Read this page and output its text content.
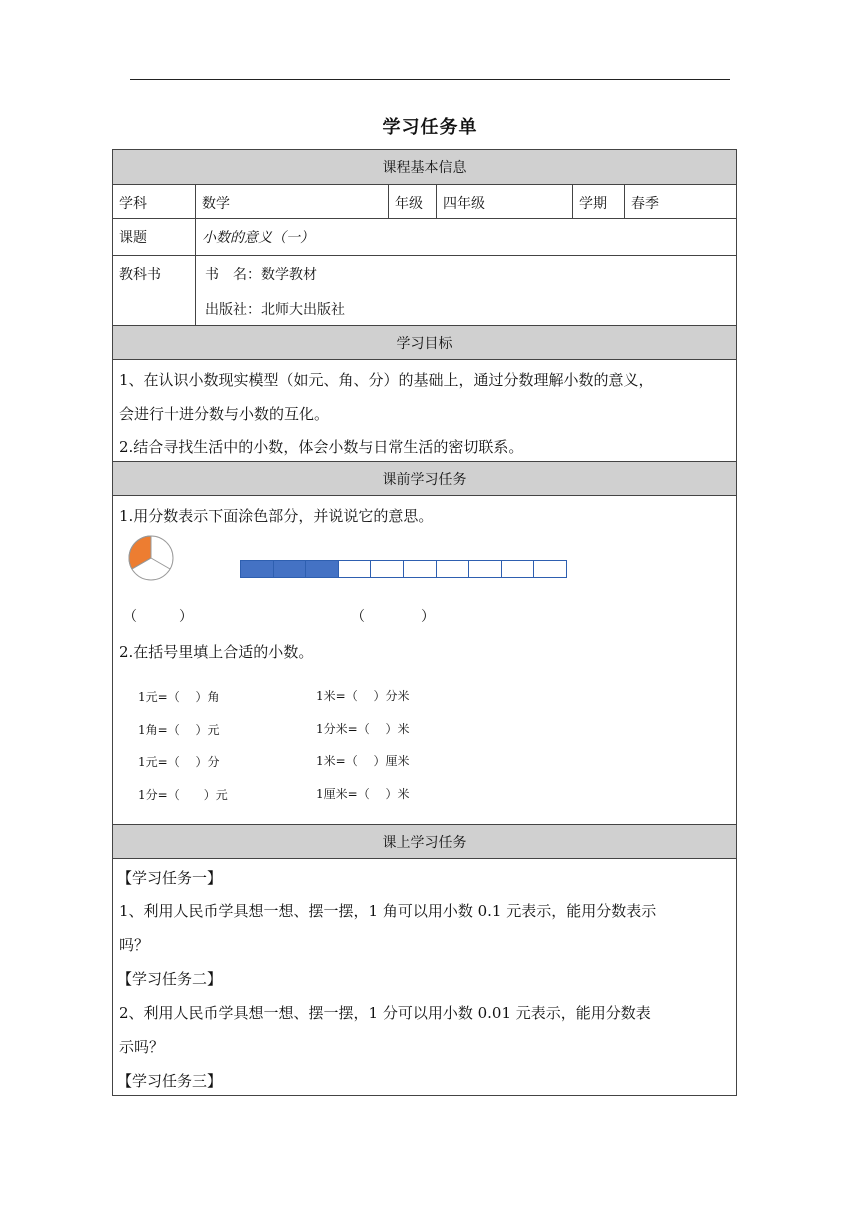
学习任务单
课程基本信息
学科	数学	年级	四年级	学期	春季
课题	小数的意义（一）
教科书	书　名：数学教材
出版社：北师大出版社
学习目标
1、在认识小数现实模型（如元、角、分）的基础上，通过分数理解小数的意义，
会进行十进分数与小数的互化。
2.结合寻找生活中的小数，体会小数与日常生活的密切联系。
课前学习任务
1.用分数表示下面涂色部分，并说说它的意思。
（　　　）	（　　　　）
2.在括号里填上合适的小数。
1元=（　 ）角
1角=（　 ）元
1元=（　 ）分
1分=（　　）元
1米=（　 ）分米
1分米=（　 ）米
1米=（　 ）厘米
1厘米=（　 ）米
课上学习任务
【学习任务一】
1、利用人民币学具想一想、摆一摆，1 角可以用小数 0.1 元表示，能用分数表示
吗？
【学习任务二】
2、利用人民币学具想一想、摆一摆，1 分可以用小数 0.01 元表示，能用分数表
示吗？
【学习任务三】
